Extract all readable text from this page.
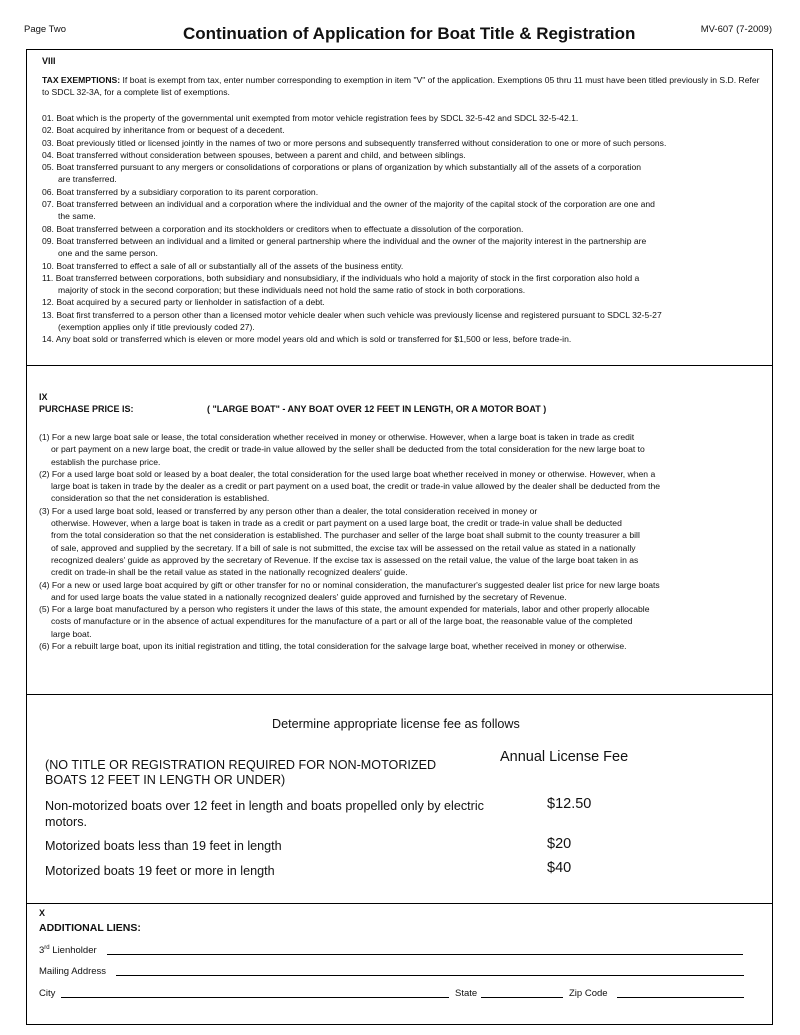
Page Two	Continuation of Application for Boat Title & Registration	MV-607 (7-2009)
VIII
TAX EXEMPTIONS: If boat is exempt from tax, enter number corresponding to exemption in item "V" of the application. Exemptions 05 thru 11 must have been titled previously in S.D. Refer to SDCL 32-3A, for a complete list of exemptions.

01. Boat which is the property of the governmental unit exempted from motor vehicle registration fees by SDCL 32-5-42 and SDCL 32-5-42.1.

02. Boat acquired by inheritance from or bequest of a decedent.

03. Boat previously titled or licensed jointly in the names of two or more persons and subsequently transferred without consideration to one or more of such persons.

04. Boat transferred without consideration between spouses, between a parent and child, and between siblings.

05. Boat transferred pursuant to any mergers or consolidations of corporations or plans of organization by which substantially all of the assets of a corporation

are transferred.

06. Boat transferred by a subsidiary corporation to its parent corporation.

07. Boat transferred between an individual and a corporation where the individual and the owner of the majority of the capital stock of the corporation are one and

the same.

08. Boat transferred between a corporation and its stockholders or creditors when to effectuate a dissolution of the corporation.

09. Boat transferred between an individual and a limited or general partnership where the individual and the owner of the majority interest in the partnership are

one and the same person.

10. Boat transferred to effect a sale of all or substantially all of the assets of the business entity.

11. Boat transferred between corporations, both subsidiary and nonsubsidiary, if the individuals who hold a majority of stock in the first corporation also hold a

majority of stock in the second corporation; but these individuals need not hold the same ratio of stock in both corporations.

12. Boat acquired by a secured party or lienholder in satisfaction of a debt.

13. Boat first transferred to a person other than a licensed motor vehicle dealer when such vehicle was previously license and registered pursuant to SDCL 32-5-27

(exemption applies only if title previously coded 27).

14. Any boat sold or transferred which is eleven or more model years old and which is sold or transferred for $1,500 or less, before trade-in.

IX
PURCHASE PRICE IS:	( "LARGE BOAT" - ANY BOAT OVER 12 FEET IN LENGTH, OR A MOTOR BOAT )

(1) For a new large boat sale or lease, the total consideration whether received in money or otherwise. However, when a large boat is taken in trade as credit

or part payment on a new large boat, the credit or trade-in value allowed by the seller shall be deducted from the total consideration for the new large boat to

establish the purchase price.

(2) For a used large boat sold or leased by a boat dealer, the total consideration for the used large boat whether received in money or otherwise. However, when a

large boat is taken in trade by the dealer as a credit or part payment on a used boat, the credit or trade-in value allowed by the dealer shall be deducted from the

consideration so that the net consideration is established.

(3) For a used large boat sold, leased or transferred by any person other than a dealer, the total consideration received in money or

otherwise. However, when a large boat is taken in trade as a credit or part payment on a used large boat, the credit or trade-in value shall be deducted

from the total consideration so that the net consideration is established. The purchaser and seller of the large boat shall submit to the county treasurer a bill

of sale, approved and supplied by the secretary. If a bill of sale is not submitted, the excise tax will be assessed on the retail value as stated in a nationally

recognized dealers' guide as approved by the secretary of Revenue. If the excise tax is assessed on the retail value, the value of the large boat taken in as

credit on trade-in shall be the retail value as stated in the nationally recognized dealers' guide.

(4) For a new or used large boat acquired by gift or other transfer for no or nominal consideration, the manufacturer's suggested dealer list price for new large boats

and for used large boats the value stated in a nationally recognized dealers' guide approved and furnished by the secretary of Revenue.

(5) For a large boat manufactured by a person who registers it under the laws of this state, the amount expended for materials, labor and other properly allocable

costs of manufacture or in the absence of actual expenditures for the manufacture of a part or all of the large boat, the reasonable value of the completed

large boat.

(6) For a rebuilt large boat, upon its initial registration and titling, the total consideration for the salvage large boat, whether received in money or otherwise.

Determine appropriate license fee as follows
Annual License Fee
(NO TITLE OR REGISTRATION REQUIRED FOR NON-MOTORIZED
BOATS 12 FEET IN LENGTH OR UNDER)
Non-motorized boats over 12 feet in length and boats propelled only by electric
motors.
$12.50
Motorized boats less than 19 feet in length	$20
Motorized boats 19 feet or more in length	$40
X
ADDITIONAL LIENS:
3rd Lienholder
Mailing Address
City	State	Zip Code
